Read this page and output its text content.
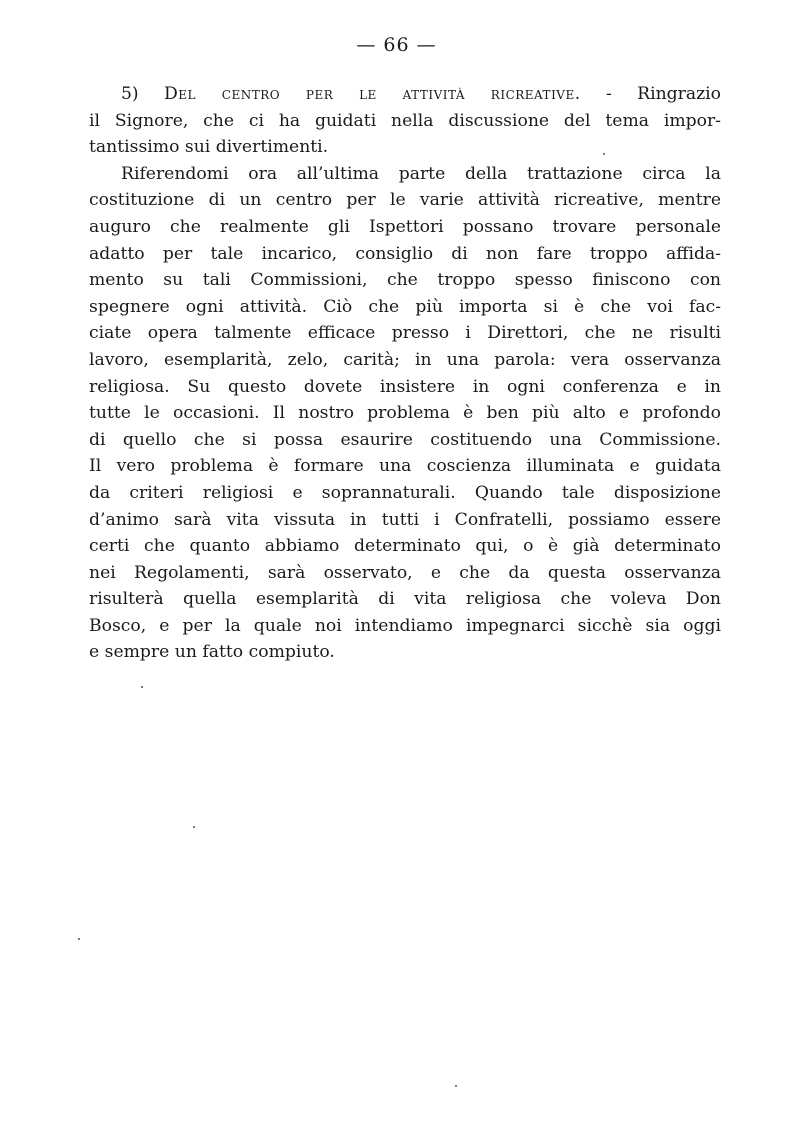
— 66 —
5) Del centro per le attività ricreative. - Ringrazio
il Signore, che ci ha guidati nella discussione del tema impor-
tantissimo sui divertimenti.
Riferendomi ora all’ultima parte della trattazione circa la
costituzione di un centro per le varie attività ricreative, mentre
auguro che realmente gli Ispettori possano trovare personale
adatto per tale incarico, consiglio di non fare troppo affida-
mento su tali Commissioni, che troppo spesso finiscono con
spegnere ogni attività. Ciò che più importa si è che voi fac-
ciate opera talmente efficace presso i Direttori, che ne risulti
lavoro, esemplarità, zelo, carità; in una parola: vera osservanza
religiosa. Su questo dovete insistere in ogni conferenza e in
tutte le occasioni. Il nostro problema è ben più alto e profondo
di quello che si possa esaurire costituendo una Commissione.
Il vero problema è formare una coscienza illuminata e guidata
da criteri religiosi e soprannaturali. Quando tale disposizione
d’animo sarà vita vissuta in tutti i Confratelli, possiamo essere
certi che quanto abbiamo determinato qui, o è già determinato
nei Regolamenti, sarà osservato, e che da questa osservanza
risulterà quella esemplarità di vita religiosa che voleva Don
Bosco, e per la quale noi intendiamo impegnarci sicchè sia oggi
e sempre un fatto compiuto.
